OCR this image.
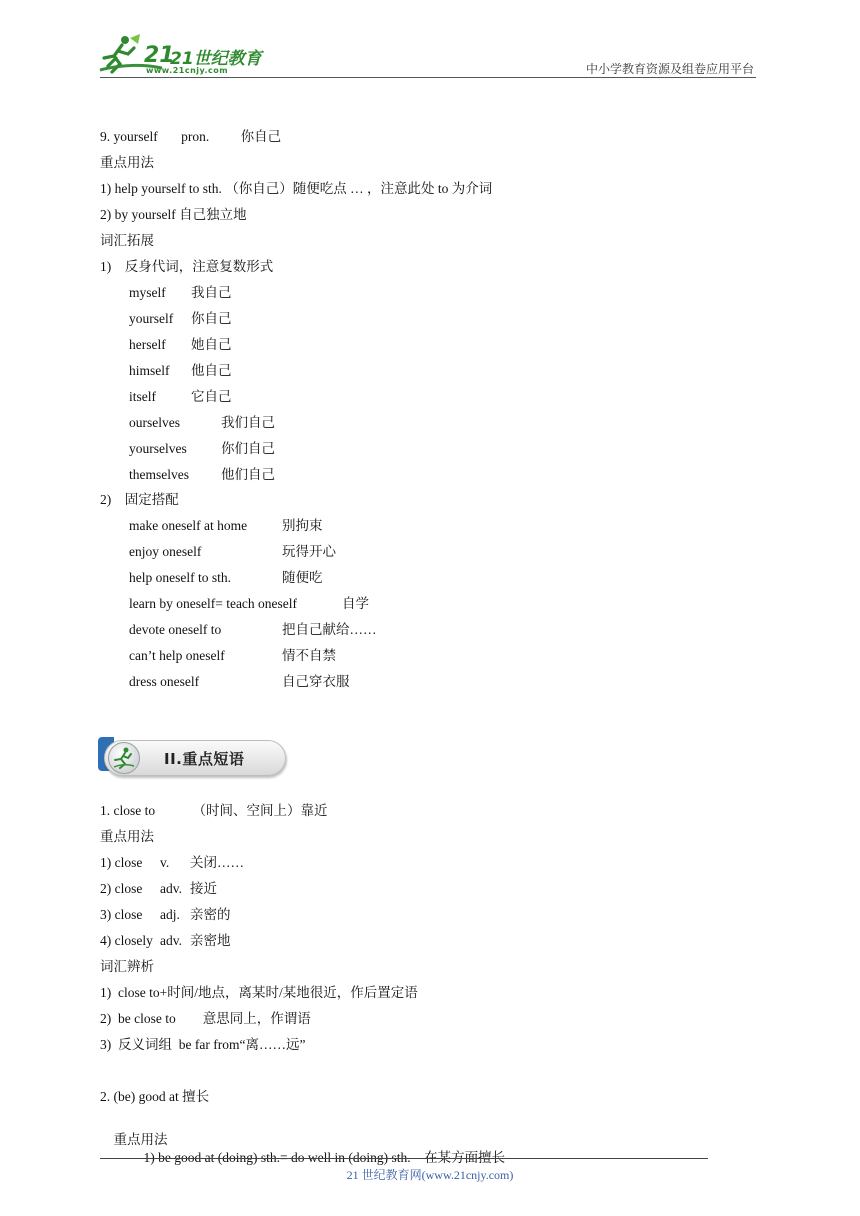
21
21世纪教育
www.21cnjy.com	中小学教育资源及组卷应用平台
9. yourself pron. 你自己
重点用法
1) help yourself to sth. （你自己）随便吃点 … ，注意此处 to 为介词
2) by yourself 自己独立地
词汇拓展
1)    反身代词，注意复数形式
myself 我自己
yourself 你自己
herself 她自己
himself 他自己
itself	它自己
ourselves	我们自己
yourselves	你们自己
themselves 他们自己
2)    固定搭配
make oneself at home	别拘束
enjoy oneself	玩得开心
help oneself to sth.	随便吃
learn by oneself= teach oneself	自学
devote oneself to	把自己献给……
can’t help oneself	情不自禁
dress oneself	自己穿衣服
II.重点短语
1. close to	（时间、空间上）靠近
重点用法
1) close v. 关闭……
2) close adv. 接近
3) close adj. 亲密的
4) closely adv. 亲密地
词汇辨析
1)  close to+时间/地点，离某时/某地很近，作后置定语
2)  be close to        意思同上，作谓语
3)  反义词组  be far from“离……远”
2. (be) good at 擅长

重点用法
1) be good at (doing) sth.= do well in (doing) sth.    在某方面擅长

21 世纪教育网(www.21cnjy.com)
